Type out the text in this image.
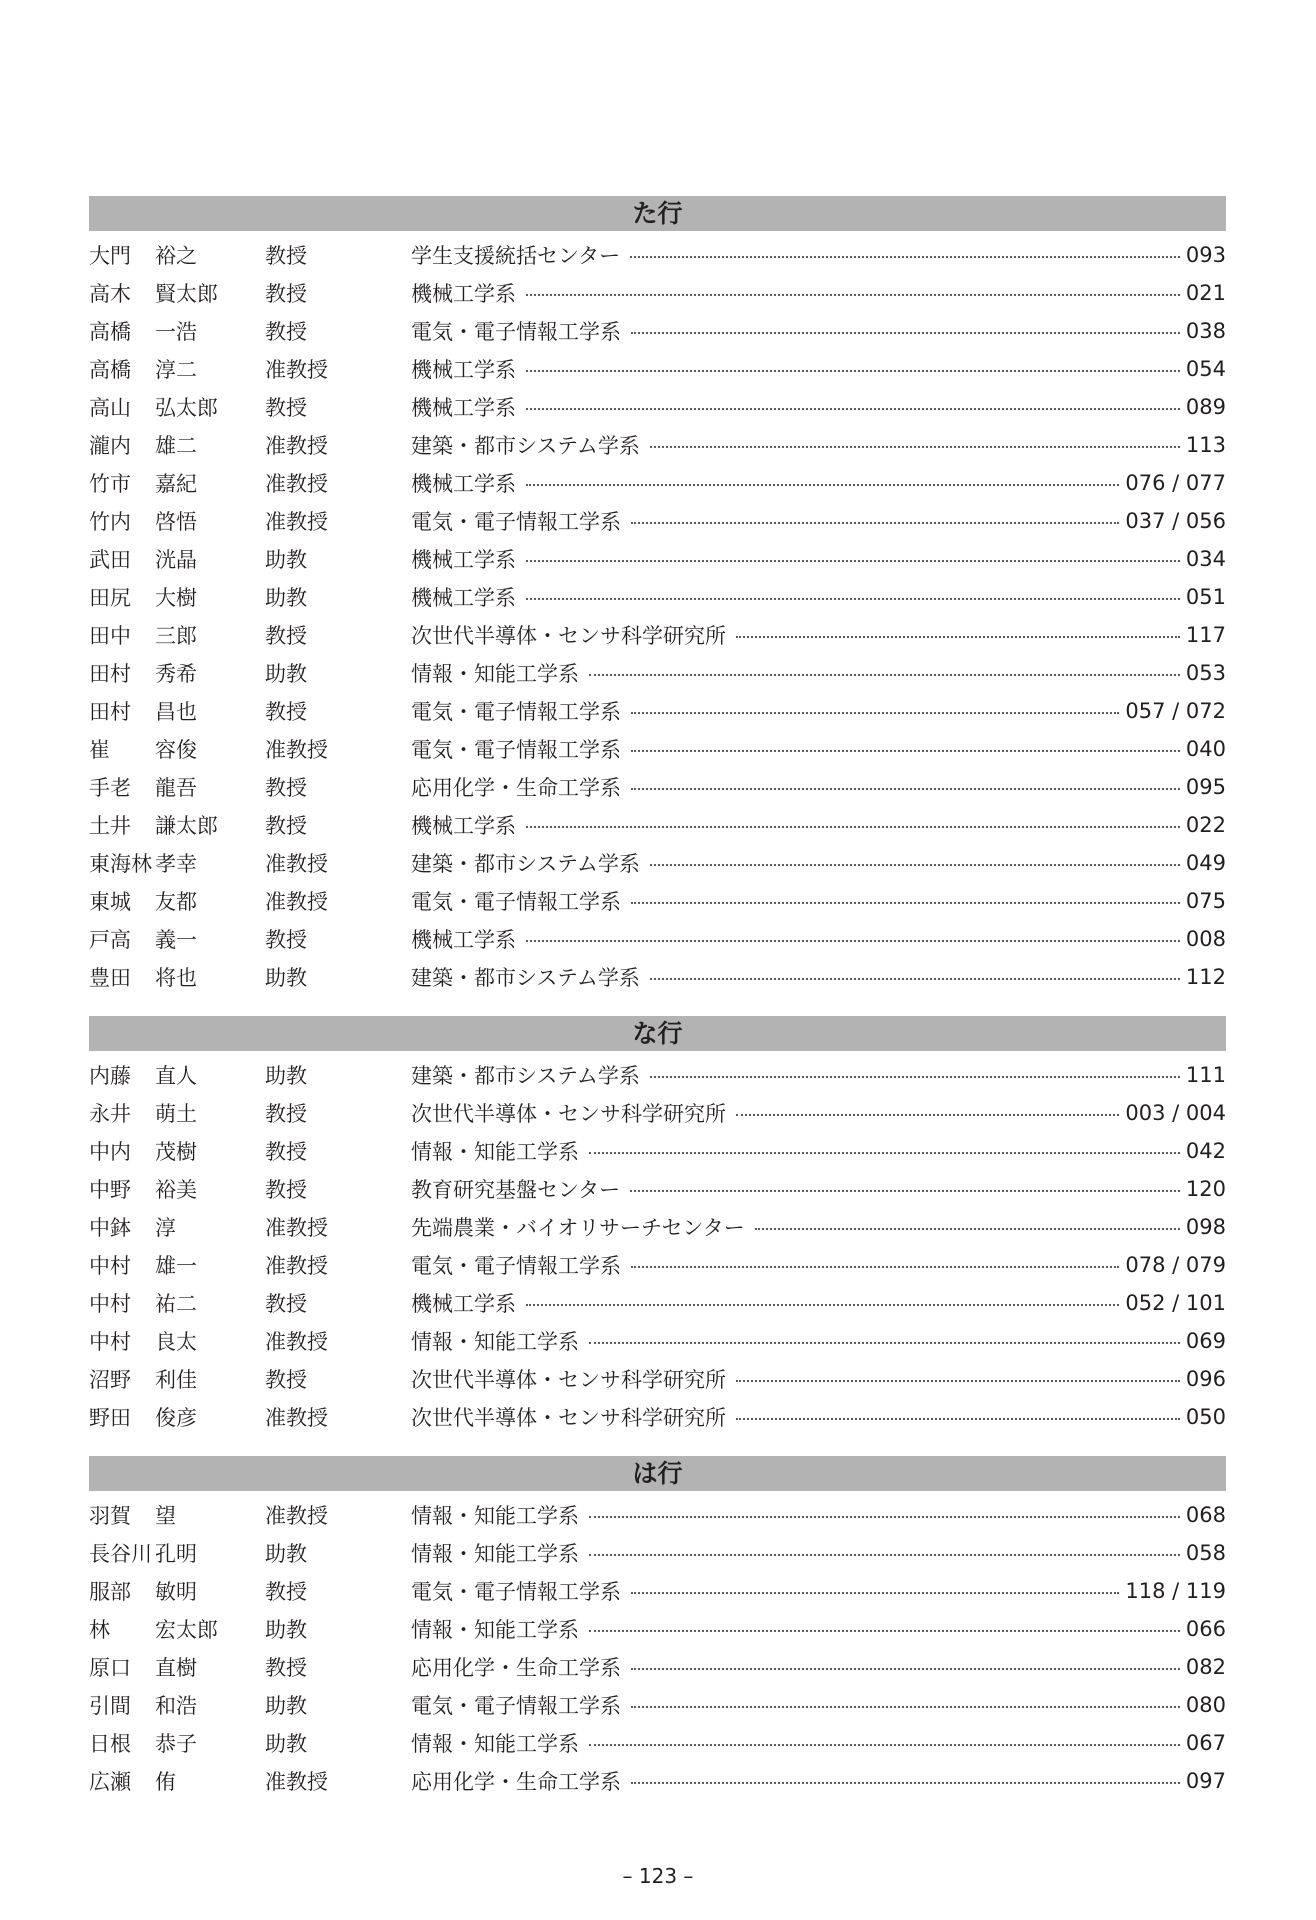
た行
大門	裕之	教授	学生支援統括センター	093
高木	賢太郎	教授	機械工学系	021
高橋	一浩	教授	電気・電子情報工学系	038
高橋	淳二	准教授	機械工学系	054
高山	弘太郎	教授	機械工学系	089
瀧内	雄二	准教授	建築・都市システム学系	113
竹市	嘉紀	准教授	機械工学系	076 / 077
竹内	啓悟	准教授	電気・電子情報工学系	037 / 056
武田	洸晶	助教	機械工学系	034
田尻	大樹	助教	機械工学系	051
田中	三郎	教授	次世代半導体・センサ科学研究所	117
田村	秀希	助教	情報・知能工学系	053
田村	昌也	教授	電気・電子情報工学系	057 / 072
崔	容俊	准教授	電気・電子情報工学系	040
手老	龍吾	教授	応用化学・生命工学系	095
土井	謙太郎	教授	機械工学系	022
東海林 孝幸	准教授	建築・都市システム学系	049
東城	友都	准教授	電気・電子情報工学系	075
戸高	義一	教授	機械工学系	008
豊田	将也	助教	建築・都市システム学系	112
な行
内藤	直人	助教	建築・都市システム学系	111
永井	萌土	教授	次世代半導体・センサ科学研究所	003 / 004
中内	茂樹	教授	情報・知能工学系	042
中野	裕美	教授	教育研究基盤センター	120
中鉢	淳	准教授	先端農業・バイオリサーチセンター	098
中村	雄一	准教授	電気・電子情報工学系	078 / 079
中村	祐二	教授	機械工学系	052 / 101
中村	良太	准教授	情報・知能工学系	069
沼野	利佳	教授	次世代半導体・センサ科学研究所	096
野田	俊彦	准教授	次世代半導体・センサ科学研究所	050
は行
羽賀	望	准教授	情報・知能工学系	068
長谷川 孔明	助教	情報・知能工学系	058
服部	敏明	教授	電気・電子情報工学系	118 / 119
林	宏太郎	助教	情報・知能工学系	066
原口	直樹	教授	応用化学・生命工学系	082
引間	和浩	助教	電気・電子情報工学系	080
日根	恭子	助教	情報・知能工学系	067
広瀬	侑	准教授	応用化学・生命工学系	097
– 123 –
